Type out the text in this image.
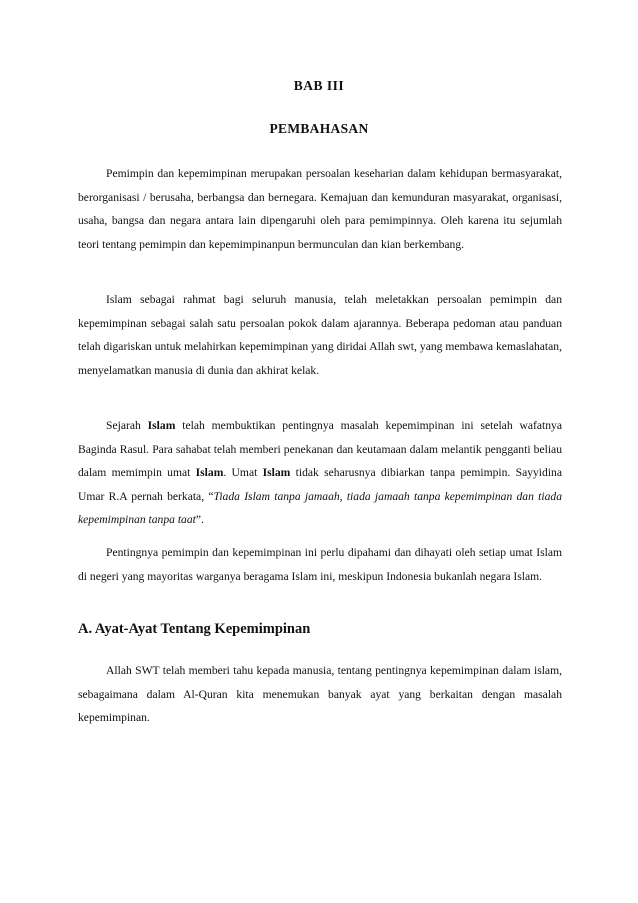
BAB III
PEMBAHASAN

Pemimpin dan kepemimpinan merupakan persoalan keseharian dalam kehidupan bermasyarakat, berorganisasi / berusaha, berbangsa dan bernegara. Kemajuan dan kemunduran masyarakat, organisasi, usaha, bangsa dan negara antara lain dipengaruhi oleh para pemimpinnya. Oleh karena itu sejumlah teori tentang pemimpin dan kepemimpinanpun bermunculan dan kian berkembang.

Islam sebagai rahmat bagi seluruh manusia, telah meletakkan persoalan pemimpin dan kepemimpinan sebagai salah satu persoalan pokok dalam ajarannya. Beberapa pedoman atau panduan telah digariskan untuk melahirkan kepemimpinan yang diridai Allah swt, yang membawa kemaslahatan, menyelamatkan manusia di dunia dan akhirat kelak.

Sejarah Islam telah membuktikan pentingnya masalah kepemimpinan ini setelah wafatnya Baginda Rasul. Para sahabat telah memberi penekanan dan keutamaan dalam melantik pengganti beliau dalam memimpin umat Islam. Umat Islam tidak seharusnya dibiarkan tanpa pemimpin. Sayyidina Umar R.A pernah berkata, “Tiada Islam tanpa jamaah, tiada jamaah tanpa kepemimpinan dan tiada kepemimpinan tanpa taat”.

Pentingnya pemimpin dan kepemimpinan ini perlu dipahami dan dihayati oleh setiap umat Islam di negeri yang mayoritas warganya beragama Islam ini, meskipun Indonesia bukanlah negara Islam.

A. Ayat-Ayat Tentang Kepemimpinan

Allah SWT telah memberi tahu kepada manusia, tentang pentingnya kepemimpinan dalam islam, sebagaimana dalam Al-Quran kita menemukan banyak ayat yang berkaitan dengan masalah kepemimpinan.
